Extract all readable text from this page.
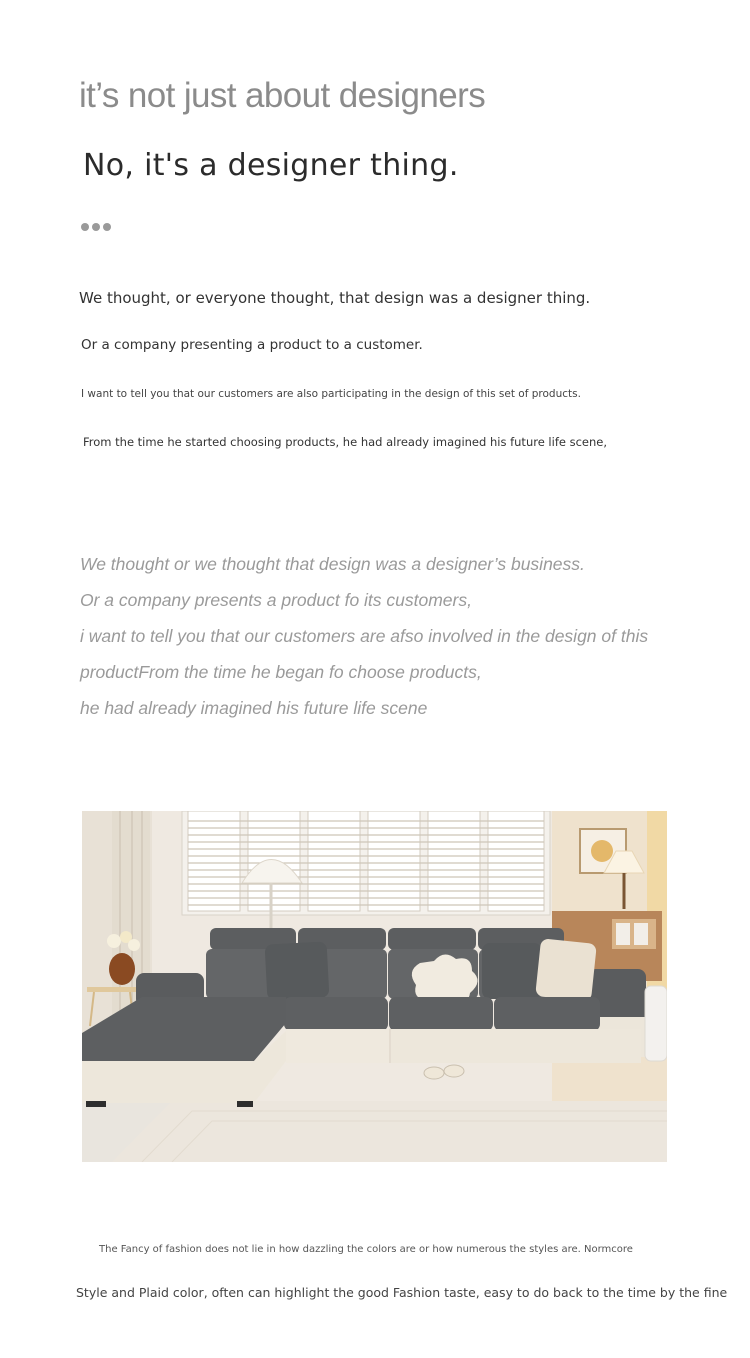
it’s not just about designers
No, it's a designer thing.
We thought, or everyone thought, that design was a designer thing.
Or a company presenting a product to a customer.
I want to tell you that our customers are also participating in the design of this set of products.
From the time he started choosing products, he had already imagined his future life scene,
We thought or we thought that design was a designer’s business.
Or a company presents a product fo its customers,
i want to tell you that our customers are afso involved in the design of this
productFrom the time he began fo choose products,
he had already imagined his future life scene
The Fancy of fashion does not lie in how dazzling the colors are or how numerous the styles are. Normcore
Style and Plaid color, often can highlight the good Fashion taste, easy to do back to the time by the fine
